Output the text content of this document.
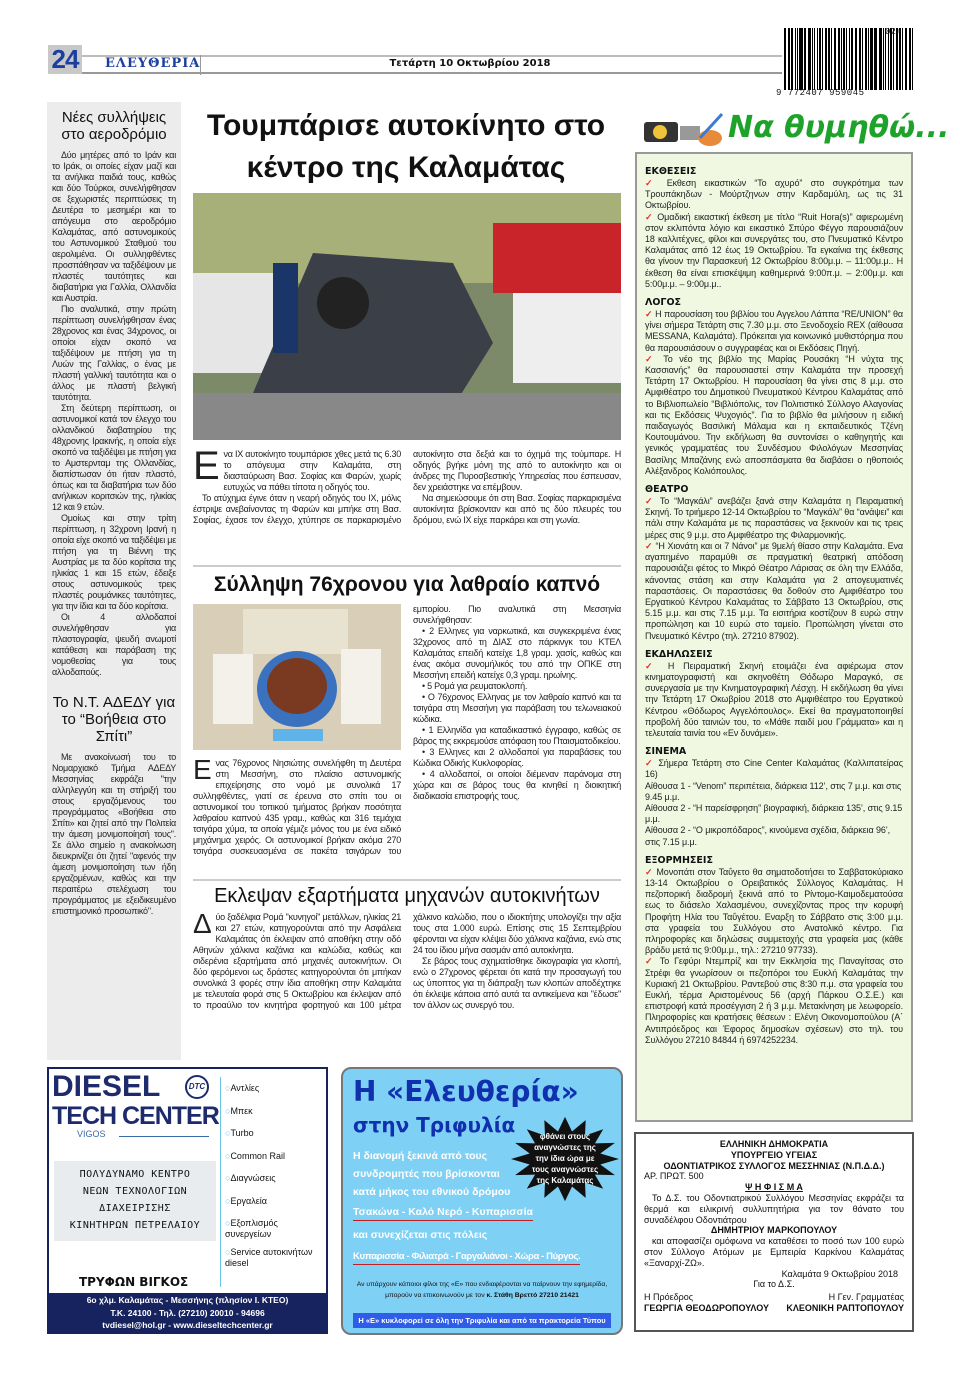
24 ΕΛΕΥΘΕΡΙΑ	Τετάρτη 10 Οκτωβρίου 2018
9 772407 959045
02>
Νέες συλλήψεις στο αεροδρόμιο

Δύο μητέρες από το Ιράν και το Ιράκ, οι οποίες είχαν μαζί και τα ανήλικα παιδιά τους, καθώς και δύο Τούρκοι, συνελήφθησαν σε ξεχωριστές περιπτώσεις τη Δευτέρα το μεσημέρι και το απόγευμα στο αεροδρόμιο Καλαμάτας, από αστυνομικούς του Αστυνομικού Σταθμού του αερολιμένα. Οι συλληφθέντες προσπάθησαν να ταξιδέψουν με πλαστές ταυτότητες και διαβατήρια για Γαλλία, Ολλανδία και Αυστρία.

Πιο αναλυτικά, στην πρώτη περίπτωση συνελήφθησαν ένας 28χρονος και ένας 34χρονος, οι οποίοι είχαν σκοπό να ταξιδέψουν με πτήση για τη Λυών της Γαλλίας, ο ένας με πλαστή γαλλική ταυτότητα και ο άλλος με πλαστή βελγική ταυτότητα.

Στη δεύτερη περίπτωση, οι αστυνομικοί κατά τον έλεγχο του ολλανδικού διαβατηρίου της 48χρονης Ιρακινής, η οποία είχε σκοπό να ταξιδέψει με πτήση για το Αμστερνταμ της Ολλανδίας, διαπίστωσαν ότι ήταν πλαστό, όπως και τα διαβατήρια των δύο ανήλικων κοριτσιών της, ηλικίας 12 και 9 ετών.

Ομοίως και στην τρίτη περίπτωση, η 32χρονη Ιρανή η οποία είχε σκοπό να ταξιδέψει με πτήση για τη Βιέννη της Αυστρίας με τα δύο κορίτσια της ηλικίας 1 και 15 ετών, έδειξε στους αστυνομικούς τρεις πλαστές ρουμάνικες ταυτότητες, για την ίδια και τα δύο κορίτσια.

Οι 4 αλλοδαποί συνελήφθησαν για πλαστογραφία, ψευδή ανωμοτί κατάθεση και παράβαση της νομοθεσίας για τους αλλοδαπούς.

Το Ν.Τ. ΑΔΕΔΥ για το “Βοήθεια στο Σπίτι”

Με ανακοίνωσή του το Νομαρχιακό Τμήμα ΑΔΕΔΥ Μεσσηνίας εκφράζει "την αλληλεγγύη και τη στήριξή του στους εργαζόμενους του προγράμματος «Βοήθεια στο Σπίτι» και ζητεί από την Πολιτεία την άμεση μονιμοποίησή τους". Σε άλλο σημείο η ανακοίνωση διευκρινίζει ότι ζητεί "αφενός την άμεση μονιμοποίηση των ήδη εργαζομένων, καθώς και την περαιτέρω στελέχωση του προγράμματος με εξειδικευμένο επιστημονικό προσωπικό".

Τουμπάρισε αυτοκίνητο στο κέντρο της Καλαμάτας
Ε να ΙΧ αυτοκίνητο τουμπάρισε χθες μετά τις 6.30 το απόγευμα στην Καλαμάτα, στη διασταύρωση Βασ. Σοφίας και Φαρών, χωρίς ευτυχώς να πάθει τίποτα η οδηγός του.

Το ατύχημα έγινε όταν η νεαρή οδηγός του ΙΧ, μόλις έστριψε ανεβαίνοντας τη Φαρών και μπήκε στη Βασ. Σοφίας, έχασε τον έλεγχο, χτύπησε σε παρκαρισμένο αυτοκίνητο στα δεξιά και το όχημά της τούμπαρε. Η οδηγός βγήκε μόνη της από το αυτοκίνητο και οι άνδρες της Πυροσβεστικής Υπηρεσίας που έσπευσαν, δεν χρειάστηκε να επέμβουν.

Να σημειώσουμε ότι στη Βασ. Σοφίας παρκαρισμένα αυτοκίνητα βρίσκονταν και από τις δύο πλευρές του δρόμου, ενώ ΙΧ είχε παρκάρει και στη γωνία.

Σύλληψη 76χρονου για λαθραίο καπνό
Ε νας 76χρονος Νησιώτης συνελήφθη τη Δευτέρα στη Μεσσήνη, στο πλαίσιο αστυνομικής επιχείρησης στο νομό με συνολικά 17 συλληφθέντες, γιατί σε έρευνα στο σπίτι του οι αστυνομικοί του τοπικού τμήματος βρήκαν ποσότητα λαθραίου καπνού 435 γραμ., καθώς και 316 τεμάχια τσιγάρα χύμα, τα οποία γέμιζε μόνος του με ένα ειδικό μηχάνημα χειρός. Οι αστυνομικοί βρήκαν ακόμα 270 τσιγάρα συσκευασμένα σε πακέτα τσιγάρων του εμπορίου. Πιο αναλυτικά στη Μεσσηνία συνελήφθησαν:

• 2 Ελληνες για ναρκωτικά, και συγκεκριμένα ένας 32χρονος από τη ΔΙΑΣ στο πάρκινγκ του ΚΤΕΛ Καλαμάτας επειδή κατείχε 1,8 γραμ. χασίς, καθώς και ένας ακόμα συνομήλικός του από την ΟΠΚΕ στη Μεσσήνη επειδή κατείχε 0,3 γραμ. ηρωίνης.

• 5 Ρομά για ρευματοκλοπή.

• Ο 76χρονος Ελληνας με τον λαθραίο καπνό και τα τσιγάρα στη Μεσσήνη για παράβαση του τελωνειακού κώδικα.

• 1 Ελληνίδα για καταδικαστικό έγγραφο, καθώς σε βάρος της εκκρεμούσε απόφαση του Πταισματοδικείου.

• 3 Ελληνες και 2 αλλοδαποί για παραβάσεις του Κώδικα Οδικής Κυκλοφορίας.

• 4 αλλοδαποί, οι οποίοι διέμεναν παράνομα στη χώρα και σε βάρος τους θα κινηθεί η διοικητική διαδικασία επιστροφής τους.

Εκλεψαν εξαρτήματα μηχανών αυτοκινήτων
Δ ύο ξαδέλφια Ρομά "κυνηγοί" μετάλλων, ηλικίας 21 και 27 ετών, κατηγορούνται από την Ασφάλεια Καλαμάτας ότι έκλεψαν από αποθήκη στην οδό Αθηνών χάλκινα καζάνια και καλώδια, καθώς και σιδερένια εξαρτήματα από μηχανές αυτοκινήτων. Οι δύο φερόμενοι ως δράστες κατηγορούνται ότι μπήκαν συνολικά 3 φορές στην ίδια αποθήκη στην Καλαμάτα με τελευταία φορά στις 5 Οκτωβρίου και έκλεψαν από το προαύλιο τον κινητήρα φορτηγού και 100 μέτρα χάλκινο καλώδιο, που ο ιδιοκτήτης υπολογίζει την αξία τους στα 1.000 ευρώ. Επίσης στις 15 Σεπτεμβρίου φέρονται να είχαν κλέψει δύο χάλκινα καζάνια, ενώ στις 24 του ίδιου μήνα σασμάν από αυτοκίνητα.

Σε βάρος τους σχηματίσθηκε δικογραφία για κλοπή, ενώ ο 27χρονος φέρεται ότι κατά την προσαγωγή του ως ύποπτος για τη διάπραξη των κλοπών αποδέχτηκε ότι έκλεψε κάποια από αυτά τα αντικείμενα και "έδωσε" τον άλλον ως συνεργό του.

Να θυμηθώ...
ΕΚΘΕΣΕΙΣ
✓ Εκθεση εικαστικών “Το αχυρό” στο συγκρότημα των Τρουπάκηδων - Μούρτζηνων στην Καρδαμύλη, ως τις 31 Οκτωβρίου.
✓ Ομαδική εικαστική έκθεση με τίτλο “Ruit Hora(s)” αφιερωμένη στον εκλιπόντα λόγιο και εικαστικό Σπύρο Φέγγο παρουσιάζουν 18 καλλιτέχνες, φίλοι και συνεργάτες του, στο Πνευματικό Κέντρο Καλαμάτας από 12 έως 19 Οκτωβρίου. Τα εγκαίνια της έκθεσης θα γίνουν την Παρασκευή 12 Οκτωβρίου 8:00μ.μ. – 11:00μ.μ.. Η έκθεση θα είναι επισκέψιμη καθημερινά 9:00π.μ. – 2:00μ.μ. και 5:00μ.μ. – 9:00μ.μ..
ΛΟΓΟΣ
✓ Η παρουσίαση του βιβλίου του Αγγελου Λάππα “RE/UNION” θα γίνει σήμερα Τετάρτη στις 7.30 μ.μ. στο Ξενοδοχείο REX (αίθουσα MESSANA, Καλαμάτα). Πρόκειται για κοινωνικό μυθιστόρημα που θα παρουσιάσουν ο συγγραφέας και οι Εκδόσεις Πηγή.
✓ Το νέο της βιβλίο της Μαρίας Ρουσάκη “Η νύχτα της Κασσιανής” θα παρουσιαστεί στην Καλαμάτα την προσεχή Τετάρτη 17 Οκτωβρίου. Η παρουσίαση θα γίνει στις 8 μ.μ. στο Αμφιθέατρο του Δημοτικού Πνευματικού Κέντρου Καλαμάτας από το Βιβλιοπωλείο “Βιβλιόπολις, τον Πολιτιστικό Σύλλογο Αλαγονίας και τις Εκδόσεις Ψυχογιός”. Για το βιβλίο θα μιλήσουν η ειδική παιδαγωγός Βασιλική Μάλαμα και η εκπαιδευτικός Τζένη Κουτουμάνου. Την εκδήλωση θα συντονίσει ο καθηγητής και γενικός γραμματέας του Συνδέσμου Φιλολόγων Μεσσηνίας Βασίλης Μπαζάνης ενώ αποσπάσματα θα διαβάσει ο ηθοποιός Αλέξανδρος Κολιόπουλος.
ΘΕΑΤΡΟ
✓ Το “Μαγκάλι” ανεβάζει ξανά στην Καλαμάτα η Πειραματική Σκηνή. Το τριήμερο 12-14 Οκτωβρίου το “Μαγκάλι” θα “ανάψει” και πάλι στην Καλαμάτα με τις παραστάσεις να ξεκινούν και τις τρεις μέρες στις 9 μ.μ. στο Αμφιθέατρο της Φιλαρμονικής.
✓ “Η Χιονάτη και οι 7 Νάνοι” με 9μελή θίασο στην Καλαμάτα. Ενα αγαπημένο παραμύθι σε πραγματική θεατρική απόδοση παρουσιάζει φέτος το Μικρό Θέατρο Λάρισας σε όλη την Ελλάδα, κάνοντας στάση και στην Καλαμάτα για 2 απογευματινές παραστάσεις. Οι παραστάσεις θα δοθούν στο Αμφιθέατρο του Εργατικού Κέντρου Καλαμάτας το Σάββατο 13 Οκτωβρίου, στις 5.15 μ.μ. και στις 7.15 μ.μ. Τα εισιτήρια κοστίζουν 8 ευρώ στην προπώληση και 10 ευρώ στο ταμείο. Προπώληση γίνεται στο Πνευματικό Κέντρο (τηλ. 27210 87902).
ΕΚΔΗΛΩΣΕΙΣ
✓ Η Πειραματική Σκηνή ετοιμάζει ένα αφιέρωμα στον κινηματογραφιστή και σκηνοθέτη Θόδωρο Μαραγκό, σε συνεργασία με την Κινηματογραφική Λέσχη. Η εκδήλωση θα γίνει την Τετάρτη 17 Οκωβρίου 2018 στο Αμφιθέατρο του Εργατικού Κέντρου «Θόδωρος Αγγελόπουλος». Εκεί θα πραγματοποιηθεί προβολή δύο ταινιών του, το «Μάθε παιδί μου Γράμματα» και η τελευταία ταινία του «Εν δυνάμει».
ΣΙΝΕΜΑ
✓ Σήμερα Τετάρτη στο Cine Center Καλαμάτας (Καλλιπατείρας 16)
Αίθουσα 1 - “Venom” περιπέτεια, διάρκεια 112’, στις 7 μ.μ. και στις 9.45 μ.μ.
Αίθουσα 2 - “Η παρείσφρηση” βιογραφική, διάρκεια 135’, στις 9.15 μ.μ.
Αίθουσα 2 - “Ο μικροπόδαρος”, κινούμενα σχέδια, διάρκεια 96’, στις 7.15 μ.μ.
ΕΞΟΡΜΗΣΕΙΣ
✓ Μονοπάτι στον Ταΰγετο θα σηματοδοτήσει το Σαββατοκύριακο 13-14 Οκτωβρίου ο Ορειβατικός Σύλλογος Καλαμάτας. Η πεζοπορική διαδρομή ξεκινά από το Ρίντομο-Καιμοδεματούσα εως το διάσελο Χαλασμένου, συνεχίζοντας προς την κορυφή Προφήτη Ηλία του Ταΰγέτου. Εναρξη το Σάββατο στις 3:00 μ.μ. στα γραφεία του Συλλόγου στο Ανατολικό κέντρο. Για πληροφορίες και δηλώσεις συμμετοχής στα γραφεία μας (κάθε βράδυ μετά τις 9:00μ.μ., τηλ.: 27210 97733).
✓ Το Γεφύρι Ντεμπρίζ και την Εκκλησία της Παναγίτσας στο Στρέφι θα γνωρίσουν οι πεζοπόροι του Ευκλή Καλαμάτας την Κυριακή 21 Οκτωβρίου. Ραντεβού στις 8:30 π.μ. στα γραφεία του Ευκλή, τέρμα Αριστομένους 56 (αρχή Πάρκου Ο.Σ.Ε.) και επιστροφή κατά προσέγγιση 2 ή 3 μ.μ. Μετακίνηση με λεωφορείο. Πληροφορίες και κρατήσεις θέσεων : Ελένη Οικονομοπούλου (Α΄ Αντιπρόεδρος και Έφορος δημοσίων σχέσεων) στο τηλ. του Συλλόγου 27210 84844 ή 6974252234.
DIESEL	DTC
TECH CENTER
VIGOS
ΠΟΛΥΔΥΝΑΜΟ ΚΕΝΤΡΟ
ΝΕΩΝ ΤΕΧΝΟΛΟΓΙΩΝ
ΔΙΑΧΕΙΡΙΣΗΣ
ΚΙΝΗΤΗΡΩΝ ΠΕΤΡΕΛΑΙΟΥ
○Αντλίες
○Μπεκ
○Turbo
○Common Rail
○Διαγνώσεις
○Εργαλεία
○Εξοπλισμός συνεργείων
○Service αυτοκινήτων diesel
ΤΡΥΦΩΝ ΒΙΓΚΟΣ
6ο χλμ. Καλαμάτας - Μεσσήνης (πλησίον Ι. ΚΤΕΟ)
Τ.Κ. 24100 - Τηλ. (27210) 20010 - 94696
tvdiesel@hol.gr - www.dieseltechcenter.gr
Η «Ελευθερία»
στην Τριφυλία	φθάνει στους αναγνώστες της την ίδια ώρα με τους αναγνώστες της Καλαμάτας
Η διανομή ξεκινά από τους συνδρομητές που βρίσκονται κατά μήκος του εθνικού δρόμου
Τσακώνα - Καλό Νερό - Κυπαρισσία
και συνεχίζεται στις πόλεις
Κυπαρισσία - Φιλιατρά - Γαργαλιάνοι - Χώρα - Πύργος.
Αν υπάρχουν κάποιοι φίλοι της «Ε» που ενδιαφέρονται να παίρνουν την εφημερίδα, μπορούν να επικοινωνούν με τον κ. Στάθη Βρεττό 27210 21421
Η «Ε» κυκλοφορεί σε όλη την Τριφυλία και από τα πρακτορεία Τύπου
ΕΛΛΗΝΙΚΗ ΔΗΜΟΚΡΑΤΙΑ
ΥΠΟΥΡΓΕΙΟ ΥΓΕΙΑΣ
ΟΔΟΝΤΙΑΤΡΙΚΟΣ ΣΥΛΛΟΓΟΣ ΜΕΣΣΗΝΙΑΣ (Ν.Π.Δ.Δ.)
ΑΡ. ΠΡΩΤ. 500
Ψ Η Φ Ι Σ Μ Α
Το Δ.Σ. του Οδοντιατρικού Συλλόγου Μεσσηνίας εκφράζει τα θερμά και ειλικρινή συλλυπητήρια για τον θάνατο του συναδέλφου Οδοντιάτρου
ΔΗΜΗΤΡΙΟΥ ΜΑΡΚΟΠΟΥΛΟΥ
και αποφασίζει ομόφωνα να καταθέσει το ποσό των 100 ευρώ στον Σύλλογο Ατόμων με Εμπειρία Καρκίνου Καλαμάτας «Ξαναρχί-ΖΩ».
Καλαμάτα 9 Οκτωβρίου 2018
Για το Δ.Σ.
Η Πρόεδρος	Η Γεν. Γραμματέας
ΓΕΩΡΓΙΑ ΘΕΟΔΩΡΟΠΟΥΛΟΥ ΚΛΕΟΝΙΚΗ ΡΑΠΤΟΠΟΥΛΟΥ
